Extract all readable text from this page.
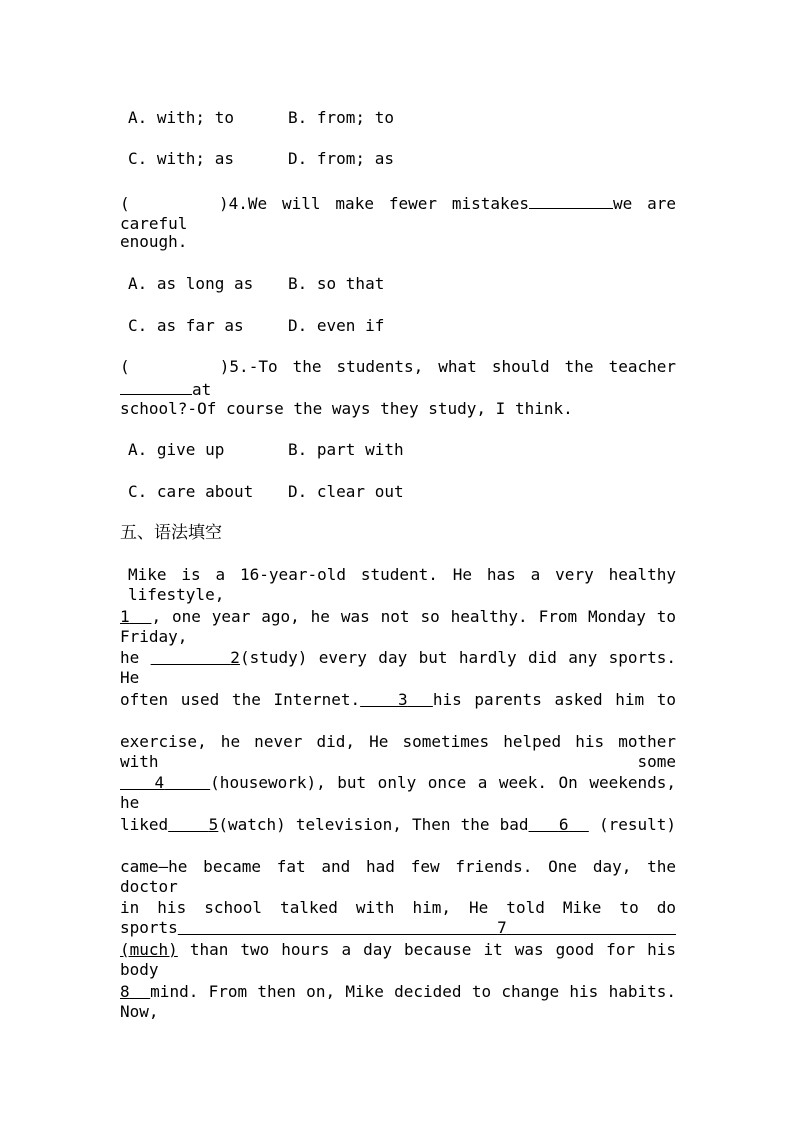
A. with; to	B. from; to
C. with; as	D. from; as
(      )4.We will make fewer mistakes	we are careful
enough.
A. as long as B. so that
C. as far as	D. even if
(      )5.-To the students, what should the teacherat
school?-Of course the ways they study, I think.
A. give up	B. part with
C. care about D. clear out
五、语法填空
Mike is a 16-year-old student. He has a very healthy lifestyle,
1 , one year ago, he was not so healthy. From Monday to Friday,
he	2(study) every day but hardly did any sports. He
often used the Internet. 3 his parents asked him to
exercise, he never did, He sometimes helped his mother with some
4	(housework), but only once a week. On weekends, he
liked	5(watch) television, Then the bad 6 (result)
came—he became fat and had few friends. One day, the doctor
in his school talked with him, He told Mike to do sports	7
(much) than two hours a day because it was good for his body
8 mind. From then on, Mike decided to change his habits. Now,
